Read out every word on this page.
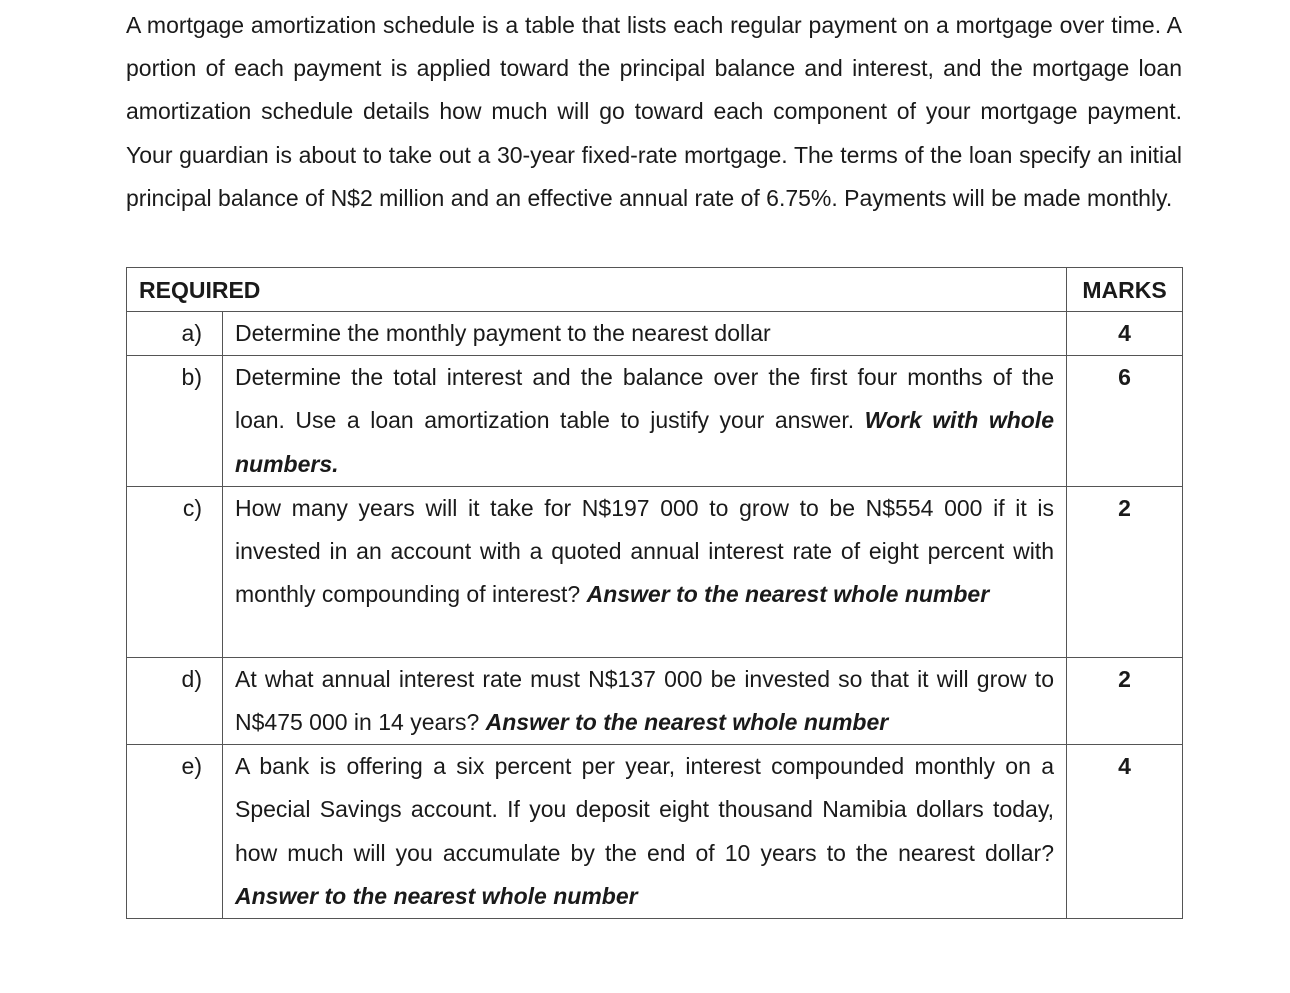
A mortgage amortization schedule is a table that lists each regular payment on a mortgage over time. A portion of each payment is applied toward the principal balance and interest, and the mortgage loan amortization schedule details how much will go toward each component of your mortgage payment. Your guardian is about to take out a 30-year fixed-rate mortgage. The terms of the loan specify an initial principal balance of N$2 million and an effective annual rate of 6.75%. Payments will be made monthly.

REQUIRED		MARKS
a)	Determine the monthly payment to the nearest dollar	4
b)	Determine the total interest and the balance over the first four months of the loan. Use a loan amortization table to justify your answer. Work with whole numbers.	6
c)	How many years will it take for N$197 000 to grow to be N$554 000 if it is invested in an account with a quoted annual interest rate of eight percent with monthly compounding of interest? Answer to the nearest whole number	2
d)	At what annual interest rate must N$137 000 be invested so that it will grow to N$475 000 in 14 years? Answer to the nearest whole number	2
e)	A bank is offering a six percent per year, interest compounded monthly on a Special Savings account. If you deposit eight thousand Namibia dollars today, how much will you accumulate by the end of 10 years to the nearest dollar? Answer to the nearest whole number	4
